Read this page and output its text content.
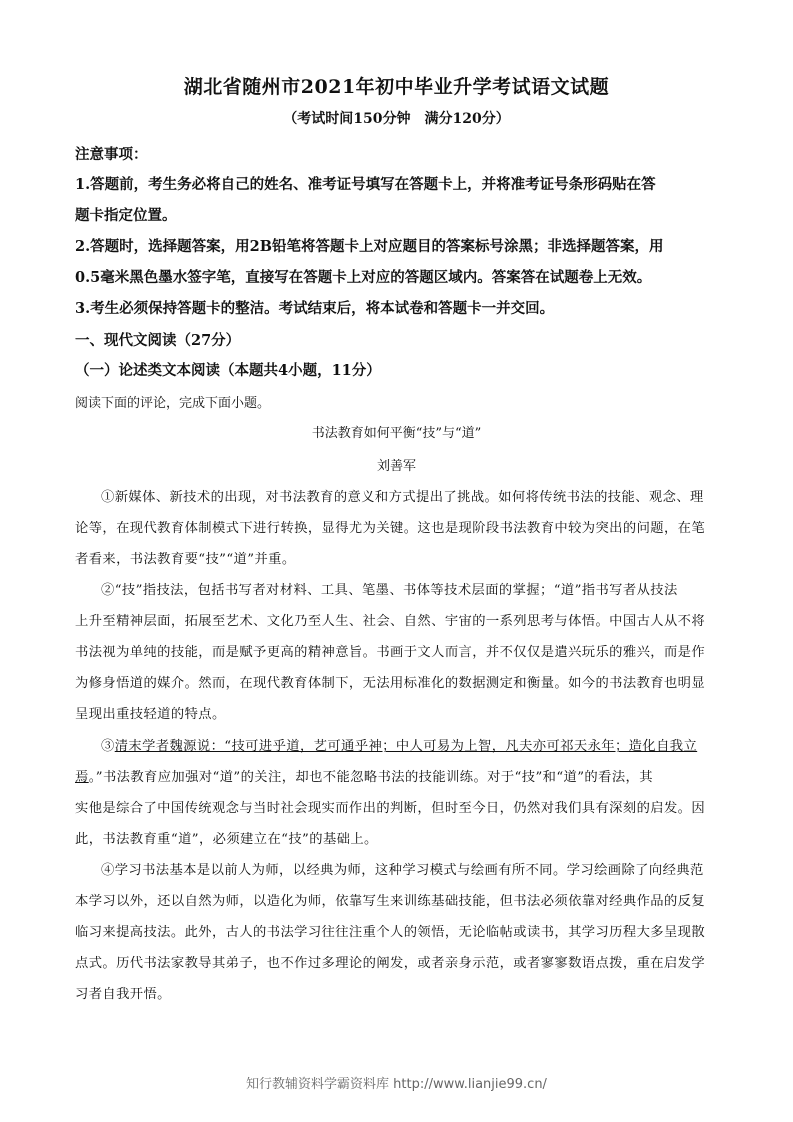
湖北省随州市2021年初中毕业升学考试语文试题
（考试时间150分钟　满分120分）
注意事项：
1.答题前，考生务必将自己的姓名、准考证号填写在答题卡上，并将准考证号条形码贴在答
题卡指定位置。
2.答题时，选择题答案，用2B铅笔将答题卡上对应题目的答案标号涂黑；非选择题答案，用
0.5毫米黑色墨水签字笔，直接写在答题卡上对应的答题区域内。答案答在试题卷上无效。
3.考生必须保持答题卡的整洁。考试结束后，将本试卷和答题卡一并交回。
一、现代文阅读（27分）
（一）论述类文本阅读（本题共4小题，11分）
阅读下面的评论，完成下面小题。
书法教育如何平衡“技”与“道”
刘善军
①新媒体、新技术的出现，对书法教育的意义和方式提出了挑战。如何将传统书法的技能、观念、理
论等，在现代教育体制模式下进行转换，显得尤为关键。这也是现阶段书法教育中较为突出的问题，在笔
者看来，书法教育要“技”“道”并重。
②“技”指技法，包括书写者对材料、工具、笔墨、书体等技术层面的掌握；“道”指书写者从技法
上升至精神层面，拓展至艺术、文化乃至人生、社会、自然、宇宙的一系列思考与体悟。中国古人从不将
书法视为单纯的技能，而是赋予更高的精神意旨。书画于文人而言，并不仅仅是遣兴玩乐的雅兴，而是作
为修身悟道的媒介。然而，在现代教育体制下，无法用标准化的数据测定和衡量。如今的书法教育也明显
呈现出重技轻道的特点。
③清末学者魏源说：“技可进乎道，艺可通乎神；中人可易为上智，凡夫亦可祁天永年；造化自我立
焉。”书法教育应加强对“道”的关注，却也不能忽略书法的技能训练。对于“技”和“道”的看法，其
实他是综合了中国传统观念与当时社会现实而作出的判断，但时至今日，仍然对我们具有深刻的启发。因
此，书法教育重“道”，必须建立在“技”的基础上。
④学习书法基本是以前人为师，以经典为师，这种学习模式与绘画有所不同。学习绘画除了向经典范
本学习以外，还以自然为师，以造化为师，依靠写生来训练基础技能，但书法必须依靠对经典作品的反复
临习来提高技法。此外，古人的书法学习往往注重个人的领悟，无论临帖或读书，其学习历程大多呈现散
点式。历代书法家教导其弟子，也不作过多理论的阐发，或者亲身示范，或者寥寥数语点拨，重在启发学
习者自我开悟。
知行教辅资料学霸资料库 http://www.lianjie99.cn/
